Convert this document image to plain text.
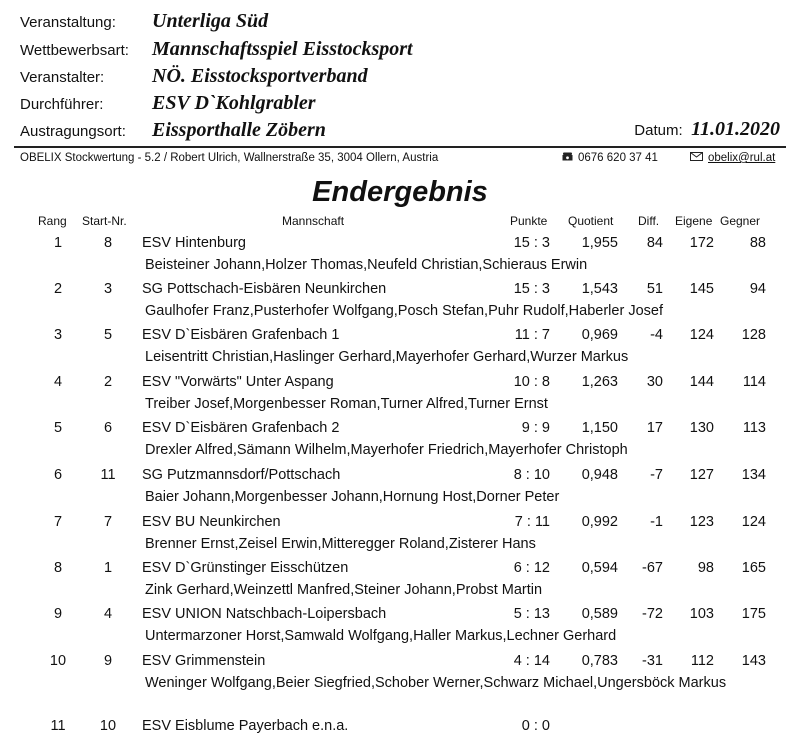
Veranstaltung: Unterliga Süd
Wettbewerbsart: Mannschaftsspiel Eisstocksport
Veranstalter: NÖ. Eisstocksportverband
Durchführer: ESV D`Kohlgrabler
Austragungsort: Eissporthalle Zöbern	Datum: 11.01.2020
OBELIX Stockwertung - 5.2 / Robert Ulrich, Wallnerstraße 35, 3004 Ollern, Austria	0676 620 37 41	obelix@rul.at
Endergebnis
Rang Start-Nr.	Mannschaft	Punkte Quotient Diff. Eigene Gegner
1	8	ESV Hintenburg	15 : 3	1,955	84	172	88
Beisteiner Johann,Holzer Thomas,Neufeld Christian,Schieraus Erwin
2	3	SG Pottschach-Eisbären Neunkirchen	15 : 3	1,543	51	145	94
Gaulhofer Franz,Pusterhofer Wolfgang,Posch Stefan,Puhr Rudolf,Haberler Josef
3	5	ESV D`Eisbären Grafenbach 1	11 : 7	0,969	-4	124	128
Leisentritt Christian,Haslinger Gerhard,Mayerhofer Gerhard,Wurzer Markus
4	2	ESV "Vorwärts" Unter Aspang	10 : 8	1,263	30	144	114
Treiber Josef,Morgenbesser Roman,Turner Alfred,Turner Ernst
5	6	ESV D`Eisbären Grafenbach 2	9 : 9	1,150	17	130	113
Drexler Alfred,Sämann Wilhelm,Mayerhofer Friedrich,Mayerhofer Christoph
6	11	SG Putzmannsdorf/Pottschach	8 : 10	0,948	-7	127	134
Baier Johann,Morgenbesser Johann,Hornung Host,Dorner Peter
7	7	ESV BU Neunkirchen	7 : 11	0,992	-1	123	124
Brenner Ernst,Zeisel Erwin,Mitteregger Roland,Zisterer Hans
8	1	ESV D`Grünstinger Eisschützen	6 : 12	0,594	-67	98	165
Zink Gerhard,Weinzettl Manfred,Steiner Johann,Probst Martin
9	4	ESV UNION Natschbach-Loipersbach	5 : 13	0,589	-72	103	175
Untermarzoner Horst,Samwald Wolfgang,Haller Markus,Lechner Gerhard
10	9	ESV Grimmenstein	4 : 14	0,783	-31	112	143
Weninger Wolfgang,Beier Siegfried,Schober Werner,Schwarz Michael,Ungersböck Markus
11	10	ESV Eisblume Payerbach e.n.a.	0 : 0
